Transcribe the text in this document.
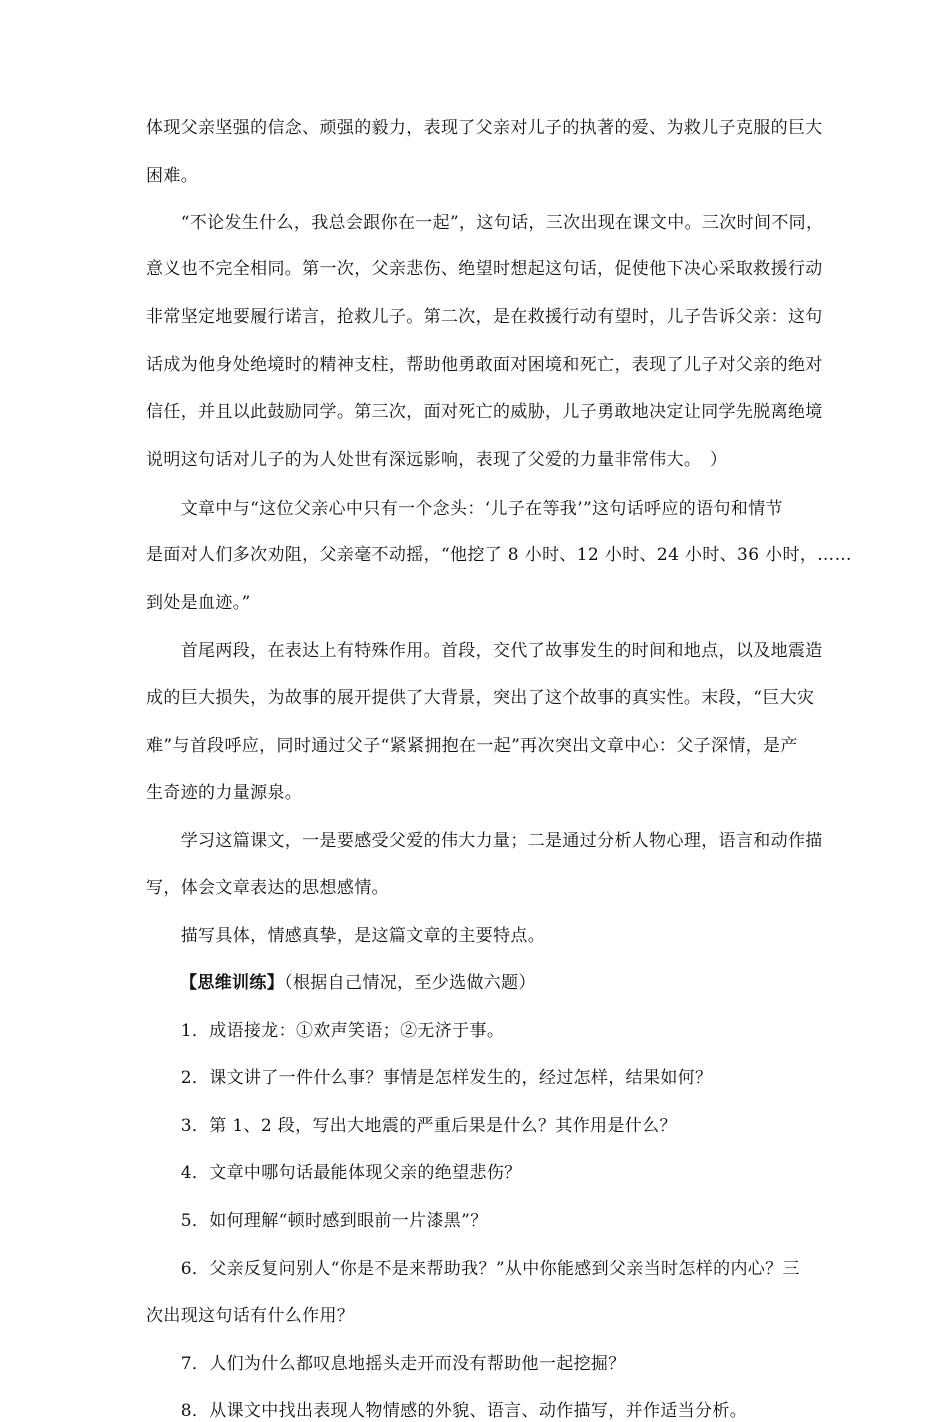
体现父亲坚强的信念、顽强的毅力，表现了父亲对儿子的执著的爱、为救儿子克服的巨大
困难。
　　“不论发生什么，我总会跟你在一起”，这句话，三次出现在课文中。三次时间不同，
意义也不完全相同。第一次，父亲悲伤、绝望时想起这句话，促使他下决心采取救援行动
非常坚定地要履行诺言，抢救儿子。第二次，是在救援行动有望时，儿子告诉父亲：这句
话成为他身处绝境时的精神支柱，帮助他勇敢面对困境和死亡，表现了儿子对父亲的绝对
信任，并且以此鼓励同学。第三次，面对死亡的威胁，儿子勇敢地决定让同学先脱离绝境
说明这句话对儿子的为人处世有深远影响，表现了父爱的力量非常伟大。　）
　　文章中与“这位父亲心中只有一个念头：‘儿子在等我’”这句话呼应的语句和情节
是面对人们多次劝阻，父亲毫不动摇，“他挖了 8 小时、12 小时、24 小时、36 小时，……
到处是血迹。”
　　首尾两段，在表达上有特殊作用。首段，交代了故事发生的时间和地点，以及地震造
成的巨大损失，为故事的展开提供了大背景，突出了这个故事的真实性。末段，“巨大灾
难”与首段呼应，同时通过父子“紧紧拥抱在一起”再次突出文章中心：父子深情，是产
生奇迹的力量源泉。
　　学习这篇课文，一是要感受父爱的伟大力量；二是通过分析人物心理，语言和动作描
写，体会文章表达的思想感情。
　　描写具体，情感真挚，是这篇文章的主要特点。
【思维训练】（根据自己情况，至少选做六题）
　　1．成语接龙：①欢声笑语；②无济于事。
　　2．课文讲了一件什么事？事情是怎样发生的，经过怎样，结果如何？
　　3．第 1、2 段，写出大地震的严重后果是什么？其作用是什么？
　　4．文章中哪句话最能体现父亲的绝望悲伤？
　　5．如何理解“顿时感到眼前一片漆黑”？
　　6．父亲反复问别人“你是不是来帮助我？”从中你能感到父亲当时怎样的内心？三
次出现这句话有什么作用？
　　7．人们为什么都叹息地摇头走开而没有帮助他一起挖掘？
　　8．从课文中找出表现人物情感的外貌、语言、动作描写，并作适当分析。
